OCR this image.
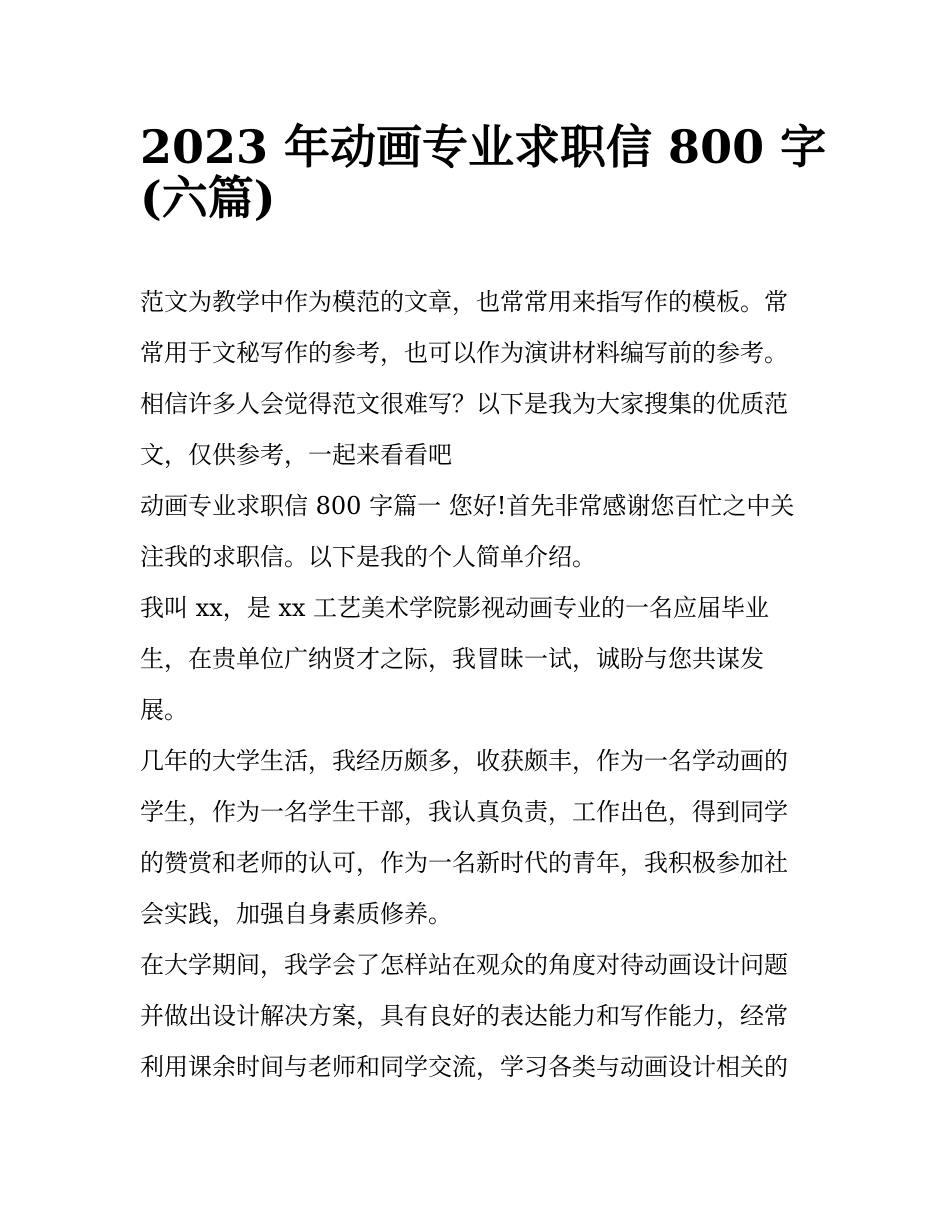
2023 年动画专业求职信 800 字
(六篇)

范文为教学中作为模范的文章，也常常用来指写作的模板。常
常用于文秘写作的参考，也可以作为演讲材料编写前的参考。
相信许多人会觉得范文很难写？以下是我为大家搜集的优质范
文，仅供参考，一起来看看吧

动画专业求职信 800 字篇一 您好!首先非常感谢您百忙之中关
注我的求职信。以下是我的个人简单介绍。

我叫 xx，是 xx 工艺美术学院影视动画专业的一名应届毕业
生，在贵单位广纳贤才之际，我冒昧一试，诚盼与您共谋发
展。

几年的大学生活，我经历颇多，收获颇丰，作为一名学动画的
学生，作为一名学生干部，我认真负责，工作出色，得到同学
的赞赏和老师的认可，作为一名新时代的青年，我积极参加社
会实践，加强自身素质修养。

在大学期间，我学会了怎样站在观众的角度对待动画设计问题
并做出设计解决方案，具有良好的表达能力和写作能力，经常
利用课余时间与老师和同学交流，学习各类与动画设计相关的
